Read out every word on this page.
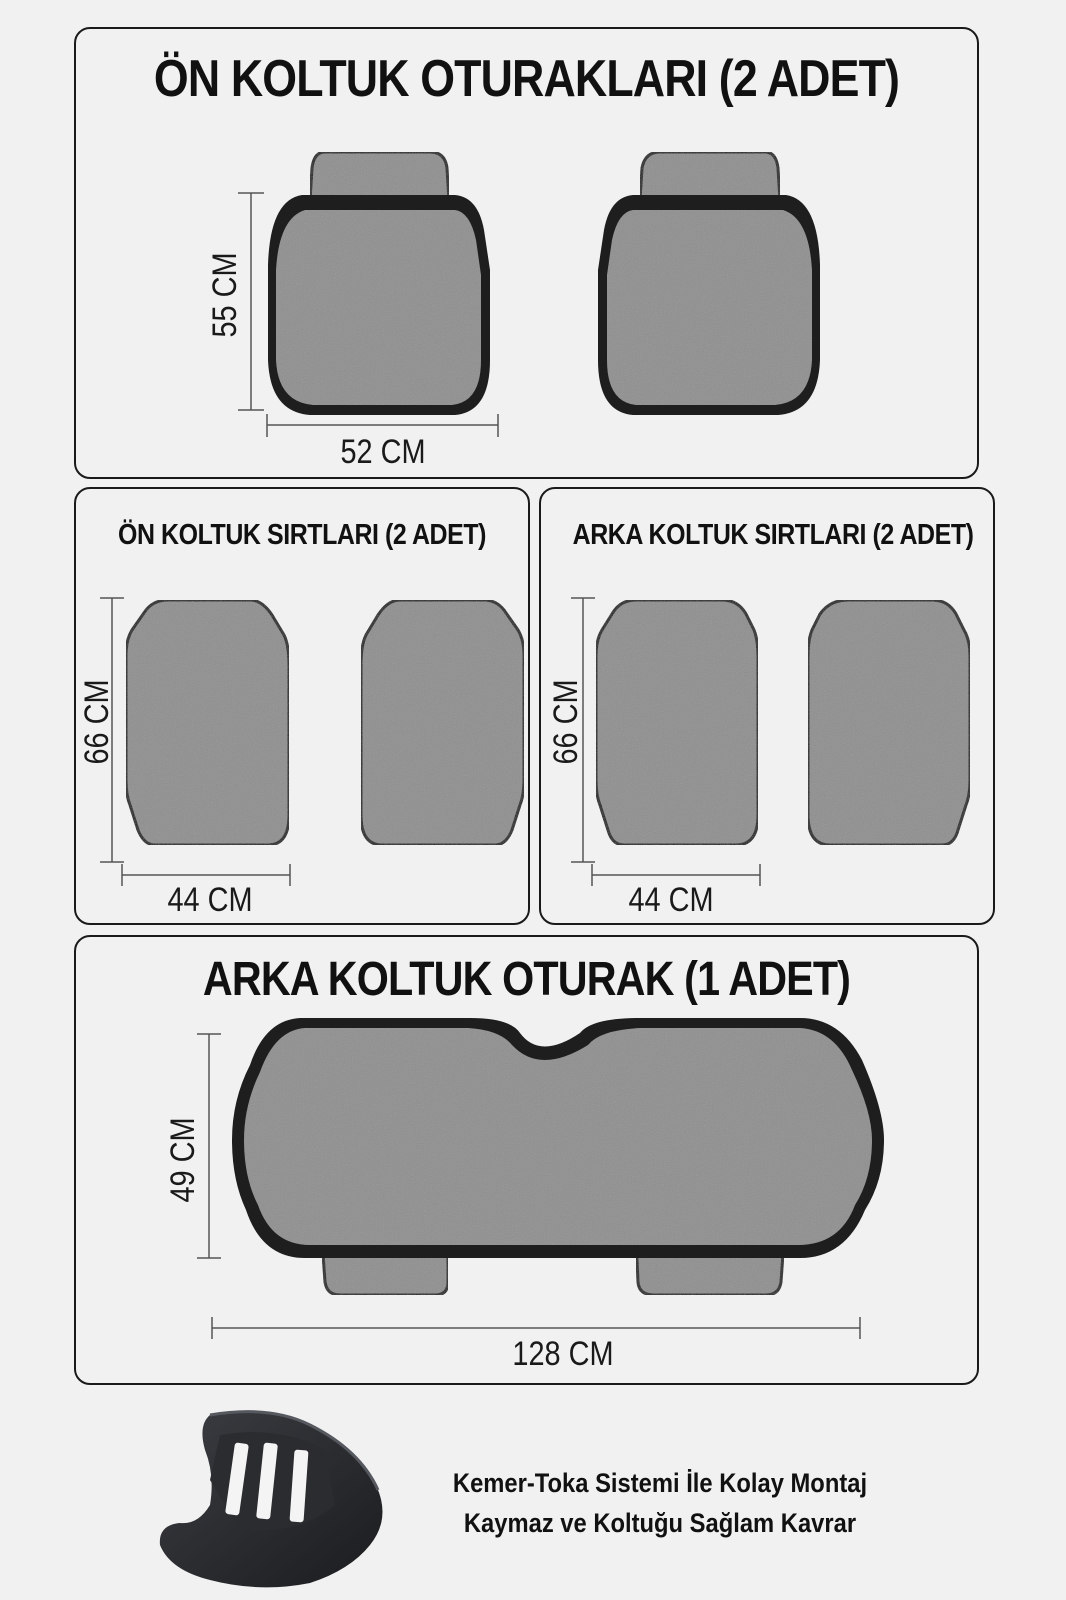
ÖN KOLTUK OTURAKLARI (2 ADET)
55 CM
52 CM
ÖN KOLTUK SIRTLARI (2 ADET)	ARKA KOLTUK SIRTLARI (2 ADET)
66 CM
44 CM
66 CM
44 CM
ARKA KOLTUK OTURAK (1 ADET)
49 CM
128 CM
Kemer-Toka Sistemi İle Kolay Montaj
Kaymaz ve Koltuğu Sağlam Kavrar
